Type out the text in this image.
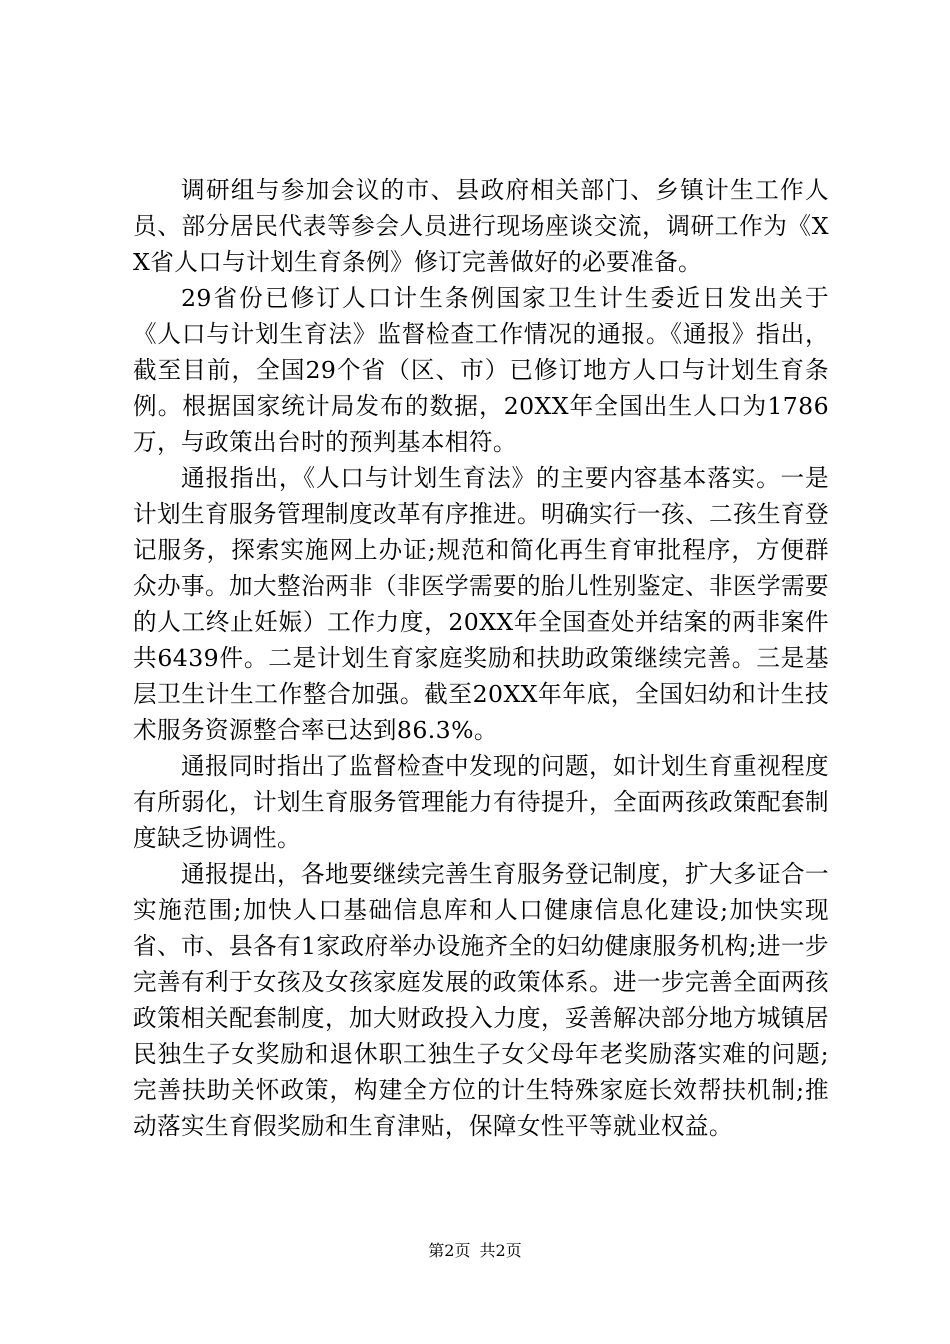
调研组与参加会议的市、县政府相关部门、乡镇计生工作人员、部分居民代表等参会人员进行现场座谈交流，调研工作为《XX省人口与计划生育条例》修订完善做好的必要准备。

29省份已修订人口计生条例国家卫生计生委近日发出关于《人口与计划生育法》监督检查工作情况的通报。《通报》指出，截至目前，全国29个省（区、市）已修订地方人口与计划生育条例。根据国家统计局发布的数据，20XX年全国出生人口为1786万，与政策出台时的预判基本相符。

通报指出，《人口与计划生育法》的主要内容基本落实。一是计划生育服务管理制度改革有序推进。明确实行一孩、二孩生育登记服务，探索实施网上办证;规范和简化再生育审批程序，方便群众办事。加大整治两非（非医学需要的胎儿性别鉴定、非医学需要的人工终止妊娠）工作力度，20XX年全国查处并结案的两非案件共6439件。二是计划生育家庭奖励和扶助政策继续完善。三是基层卫生计生工作整合加强。截至20XX年年底，全国妇幼和计生技术服务资源整合率已达到86.3%。

通报同时指出了监督检查中发现的问题，如计划生育重视程度有所弱化，计划生育服务管理能力有待提升，全面两孩政策配套制度缺乏协调性。

通报提出，各地要继续完善生育服务登记制度，扩大多证合一实施范围;加快人口基础信息库和人口健康信息化建设;加快实现省、市、县各有1家政府举办设施齐全的妇幼健康服务机构;进一步完善有利于女孩及女孩家庭发展的政策体系。进一步完善全面两孩政策相关配套制度，加大财政投入力度，妥善解决部分地方城镇居民独生子女奖励和退休职工独生子女父母年老奖励落实难的问题;完善扶助关怀政策，构建全方位的计生特殊家庭长效帮扶机制;推动落实生育假奖励和生育津贴，保障女性平等就业权益。

第2页 共2页
